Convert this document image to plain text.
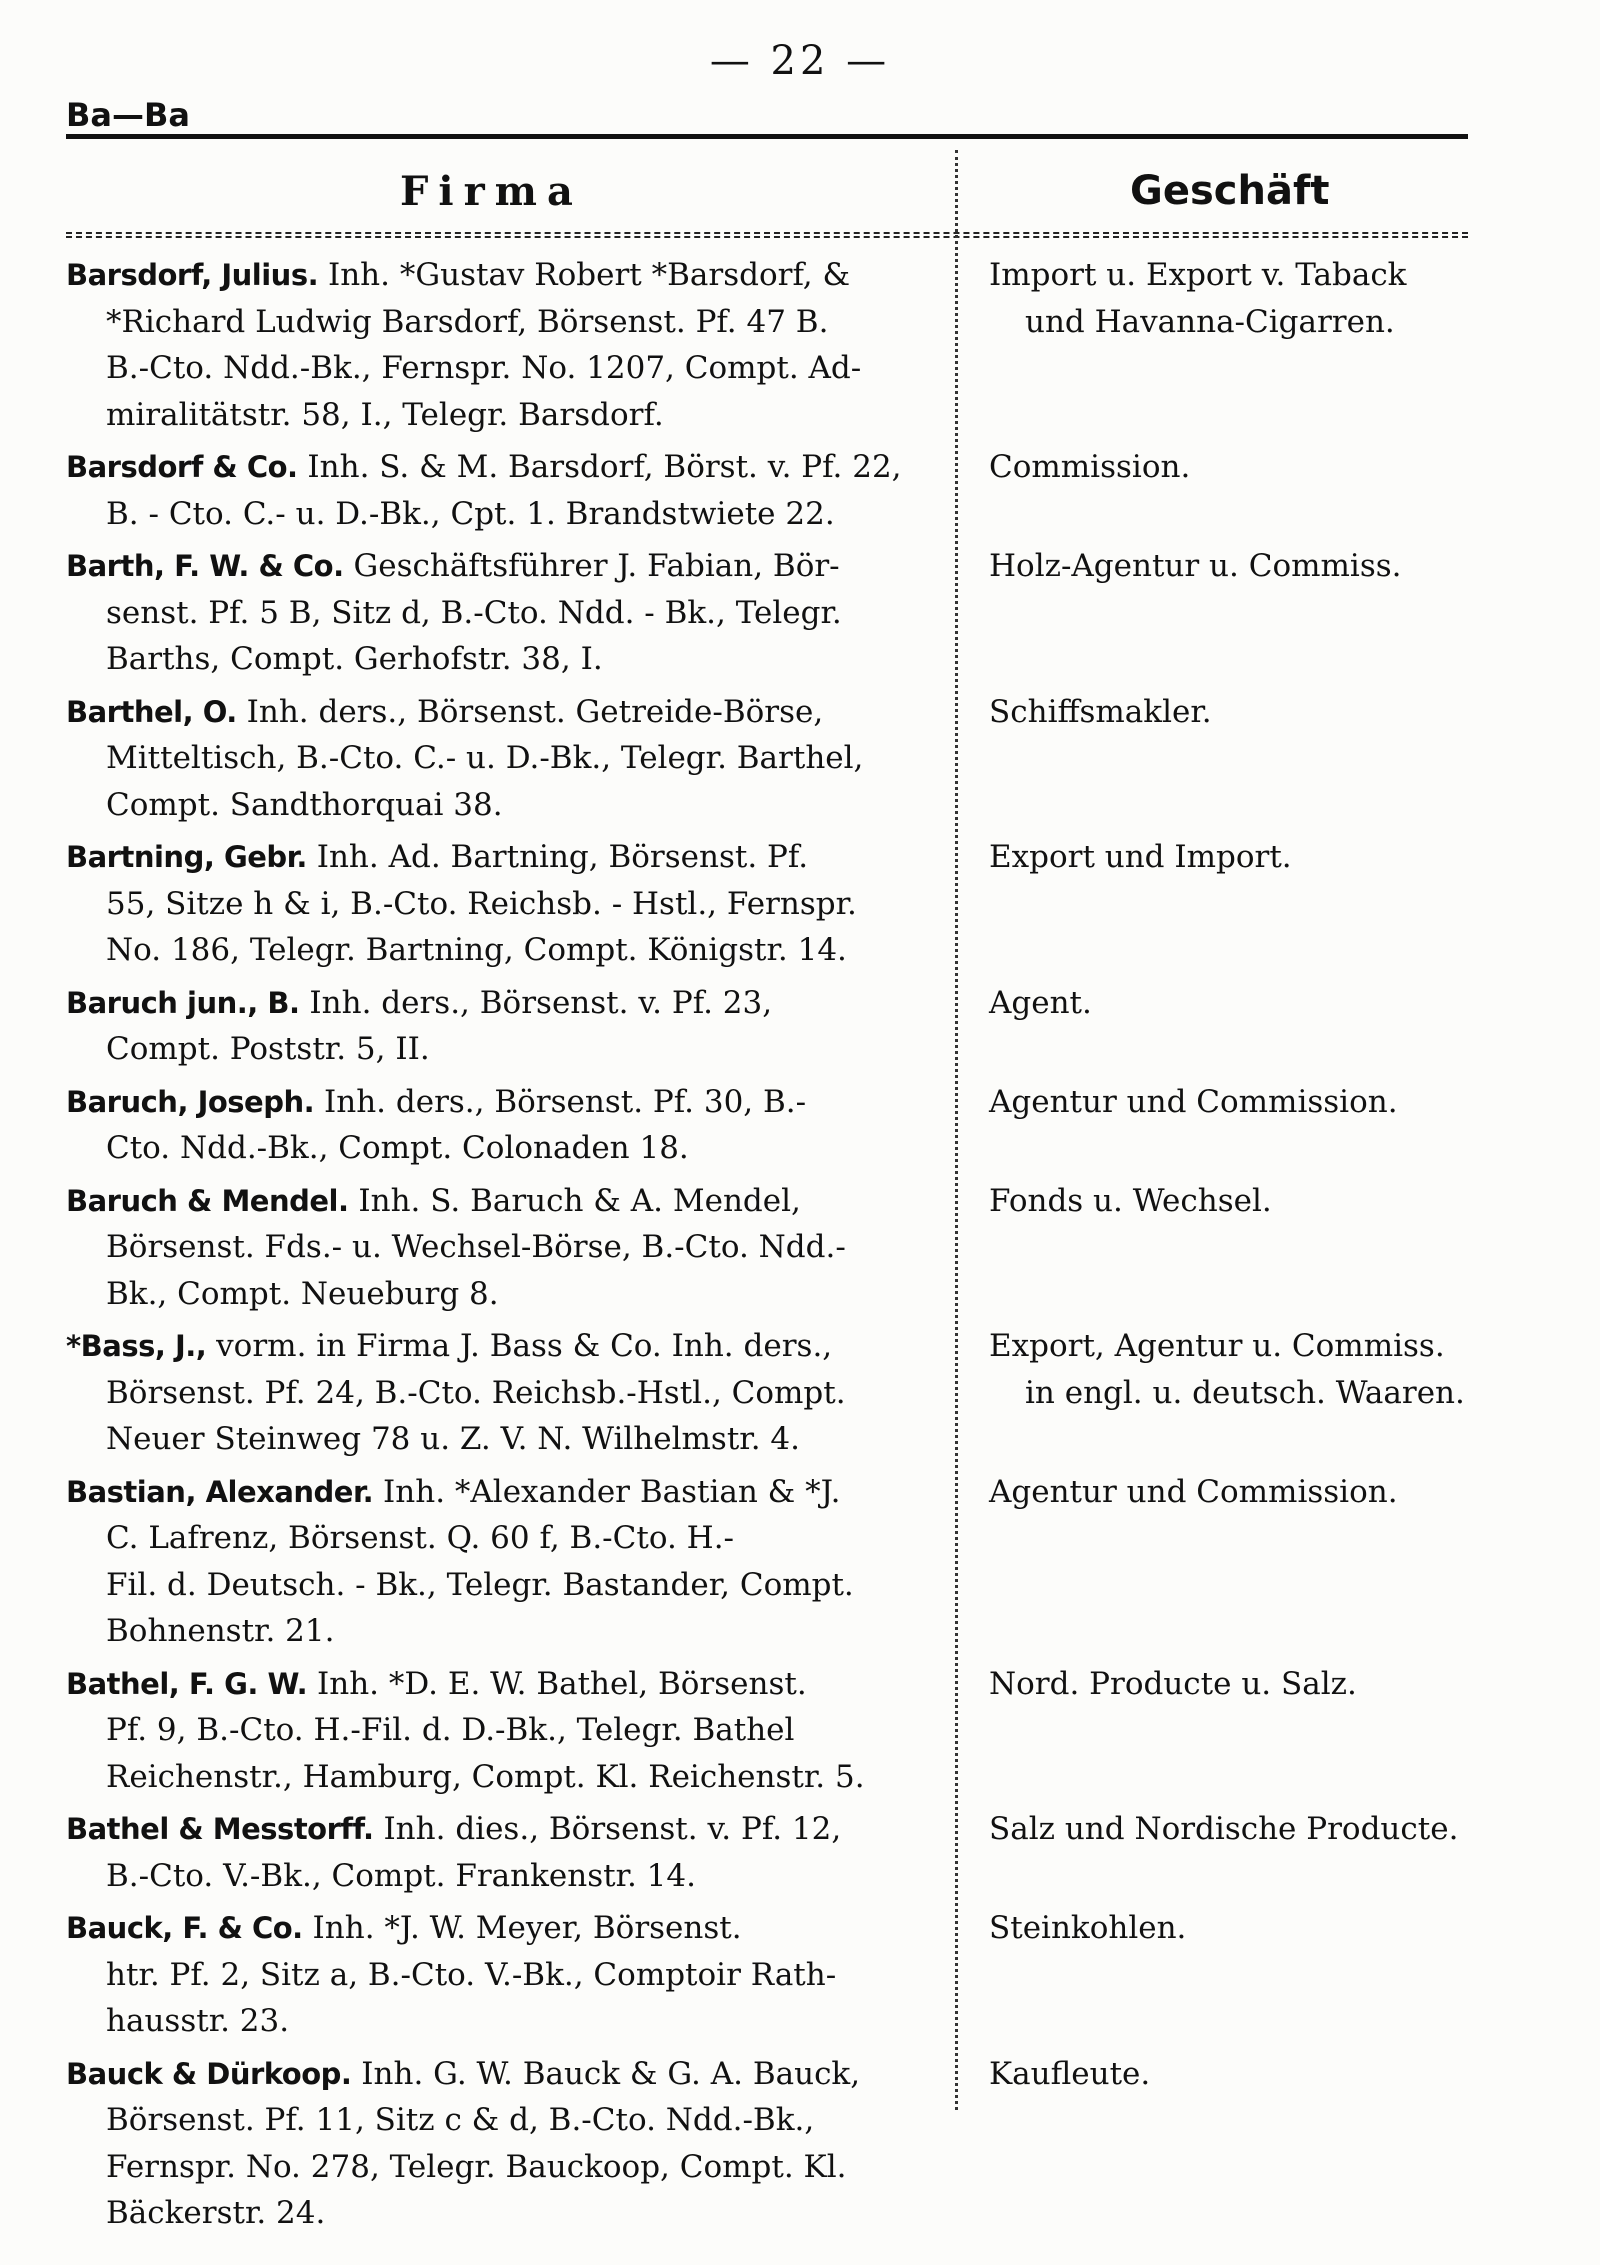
— 22 —
Ba—Ba
Firma	Geschäft
Barsdorf, Julius. Inh. *Gustav Robert *Barsdorf, &
*Richard Ludwig Barsdorf, Börsenst. Pf. 47 B.
B.-Cto. Ndd.-Bk., Fernspr. No. 1207, Compt. Ad-
miralitätstr. 58, I., Telegr. Barsdorf.
Import u. Export v. Taback
und Havanna-Cigarren.
Barsdorf & Co. Inh. S. & M. Barsdorf, Börst. v. Pf. 22,
B. - Cto. C.- u. D.-Bk., Cpt. 1. Brandstwiete 22.
Commission.
Barth, F. W. & Co. Geschäftsführer J. Fabian, Bör-
senst. Pf. 5 B, Sitz d, B.-Cto. Ndd. - Bk., Telegr.
Barths, Compt. Gerhofstr. 38, I.
Holz-Agentur u. Commiss.
Barthel, O. Inh. ders., Börsenst. Getreide-Börse,
Mitteltisch, B.-Cto. C.- u. D.-Bk., Telegr. Barthel,
Compt. Sandthorquai 38.
Schiffsmakler.
Bartning, Gebr. Inh. Ad. Bartning, Börsenst. Pf.
55, Sitze h & i, B.-Cto. Reichsb. - Hstl., Fernspr.
No. 186, Telegr. Bartning, Compt. Königstr. 14.
Export und Import.
Baruch jun., B. Inh. ders., Börsenst. v. Pf. 23,
Compt. Poststr. 5, II.
Agent.
Baruch, Joseph. Inh. ders., Börsenst. Pf. 30, B.-
Cto. Ndd.-Bk., Compt. Colonaden 18.
Agentur und Commission.
Baruch & Mendel. Inh. S. Baruch & A. Mendel,
Börsenst. Fds.- u. Wechsel-Börse, B.-Cto. Ndd.-
Bk., Compt. Neueburg 8.
Fonds u. Wechsel.
*Bass, J., vorm. in Firma J. Bass & Co. Inh. ders.,
Börsenst. Pf. 24, B.-Cto. Reichsb.-Hstl., Compt.
Neuer Steinweg 78 u. Z. V. N. Wilhelmstr. 4.
Export, Agentur u. Commiss.
in engl. u. deutsch. Waaren.
Bastian, Alexander. Inh. *Alexander Bastian & *J.
C. Lafrenz, Börsenst. Q. 60 f, B.-Cto. H.-
Fil. d. Deutsch. - Bk., Telegr. Bastander, Compt.
Bohnenstr. 21.
Agentur und Commission.
Bathel, F. G. W. Inh. *D. E. W. Bathel, Börsenst.
Pf. 9, B.-Cto. H.-Fil. d. D.-Bk., Telegr. Bathel
Reichenstr., Hamburg, Compt. Kl. Reichenstr. 5.
Nord. Producte u. Salz.
Bathel & Messtorff. Inh. dies., Börsenst. v. Pf. 12,
B.-Cto. V.-Bk., Compt. Frankenstr. 14.
Salz und Nordische Producte.
Bauck, F. & Co. Inh. *J. W. Meyer, Börsenst.
htr. Pf. 2, Sitz a, B.-Cto. V.-Bk., Comptoir Rath-
hausstr. 23.
Steinkohlen.
Bauck & Dürkoop. Inh. G. W. Bauck & G. A. Bauck,
Börsenst. Pf. 11, Sitz c & d, B.-Cto. Ndd.-Bk.,
Fernspr. No. 278, Telegr. Bauckoop, Compt. Kl.
Bäckerstr. 24.
Kaufleute.
